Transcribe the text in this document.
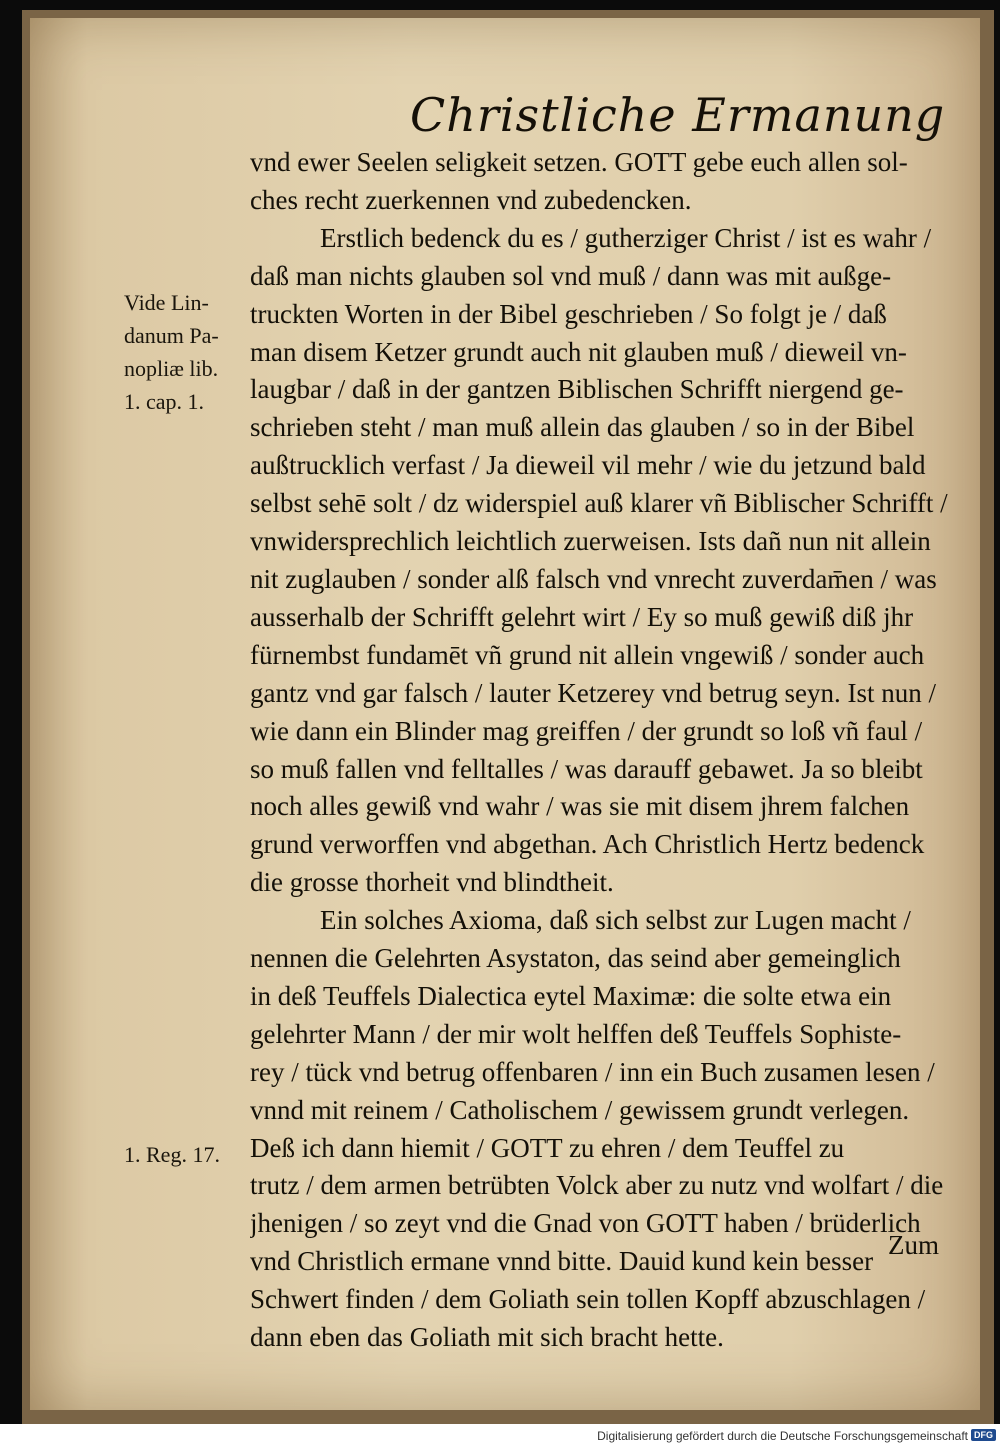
Christliche Ermanung
vnd ewer Seelen seligkeit setzen. GOTT gebe euch allen sol-
ches recht zuerkennen vnd zubedencken.
Erstlich bedenck du es / gutherziger Christ / ist es wahr /
daß man nichts glauben sol vnd muß / dann was mit außge-
truckten Worten in der Bibel geschrieben / So folgt je / daß
man disem Ketzer grundt auch nit glauben muß / dieweil vn-
laugbar / daß in der gantzen Biblischen Schrifft niergend ge-
schrieben steht / man muß allein das glauben / so in der Bibel
außtrucklich verfast / Ja dieweil vil mehr / wie du jetzund bald
selbst sehē solt / dz widerspiel auß klarer vñ Biblischer Schrifft /
vnwidersprechlich leichtlich zuerweisen. Ists dañ nun nit allein
nit zuglauben / sonder alß falsch vnd vnrecht zuverdam̄en / was
ausserhalb der Schrifft gelehrt wirt / Ey so muß gewiß diß jhr
fürnembst fundamēt vñ grund nit allein vngewiß / sonder auch
gantz vnd gar falsch / lauter Ketzerey vnd betrug seyn. Ist nun /
wie dann ein Blinder mag greiffen / der grundt so loß vñ faul /
so muß fallen vnd felltalles / was darauff gebawet. Ja so bleibt
noch alles gewiß vnd wahr / was sie mit disem jhrem falchen
grund verworffen vnd abgethan. Ach Christlich Hertz bedenck
die grosse thorheit vnd blindtheit.
Ein solches Axioma, daß sich selbst zur Lugen macht /
nennen die Gelehrten Asystaton, das seind aber gemeinglich
in deß Teuffels Dialectica eytel Maximæ: die solte etwa ein
gelehrter Mann / der mir wolt helffen deß Teuffels Sophiste-
rey / tück vnd betrug offenbaren / inn ein Buch zusamen lesen /
vnnd mit reinem / Catholischem / gewissem grundt verlegen.
Deß ich dann hiemit / GOTT zu ehren / dem Teuffel zu
trutz / dem armen betrübten Volck aber zu nutz vnd wolfart / die
jhenigen / so zeyt vnd die Gnad von GOTT haben / brüderlich
vnd Christlich ermane vnnd bitte. Dauid kund kein besser
Schwert finden / dem Goliath sein tollen Kopff abzuschlagen /
dann eben das Goliath mit sich bracht hette.
Vide Lin-
danum Pa-
nopliæ lib.
1. cap. 1.
1. Reg. 17.
Zum
Digitalisierung gefördert durch die Deutsche Forschungsgemeinschaft DFG
